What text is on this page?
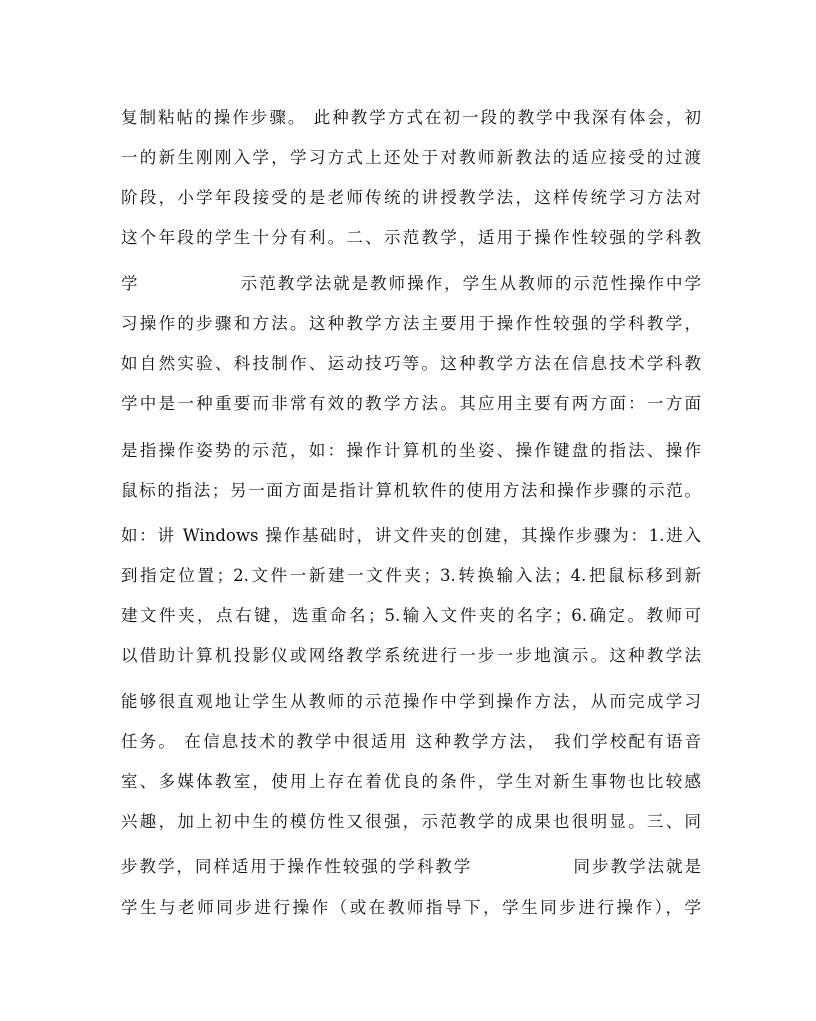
复制粘帖的操作步骤。 此种教学方式在初一段的教学中我深有体会，初
一的新生刚刚入学，学习方式上还处于对教师新教法的适应接受的过渡
阶段，小学年段接受的是老师传统的讲授教学法，这样传统学习方法对
这个年段的学生十分有利。二、示范教学，适用于操作性较强的学科教
学              示范教学法就是教师操作，学生从教师的示范性操作中学
习操作的步骤和方法。这种教学方法主要用于操作性较强的学科教学，
如自然实验、科技制作、运动技巧等。这种教学方法在信息技术学科教
学中是一种重要而非常有效的教学方法。其应用主要有两方面：一方面
是指操作姿势的示范，如：操作计算机的坐姿、操作键盘的指法、操作
鼠标的指法；另一面方面是指计算机软件的使用方法和操作步骤的示范。
如：讲 Windows 操作基础时，讲文件夹的创建，其操作步骤为：1.进入
到指定位置；2.文件一新建一文件夹；3.转换输入法；4.把鼠标移到新
建文件夹，点右键，选重命名；5.输入文件夹的名字；6.确定。教师可
以借助计算机投影仪或网络教学系统进行一步一步地演示。这种教学法
能够很直观地让学生从教师的示范操作中学到操作方法，从而完成学习
任务。 在信息技术的教学中很适用 这种教学方法， 我们学校配有语音
室、多媒体教室，使用上存在着优良的条件，学生对新生事物也比较感
兴趣，加上初中生的模仿性又很强，示范教学的成果也很明显。三、同
步教学，同样适用于操作性较强的学科教学              同步教学法就是
学生与老师同步进行操作（或在教师指导下，学生同步进行操作），学
